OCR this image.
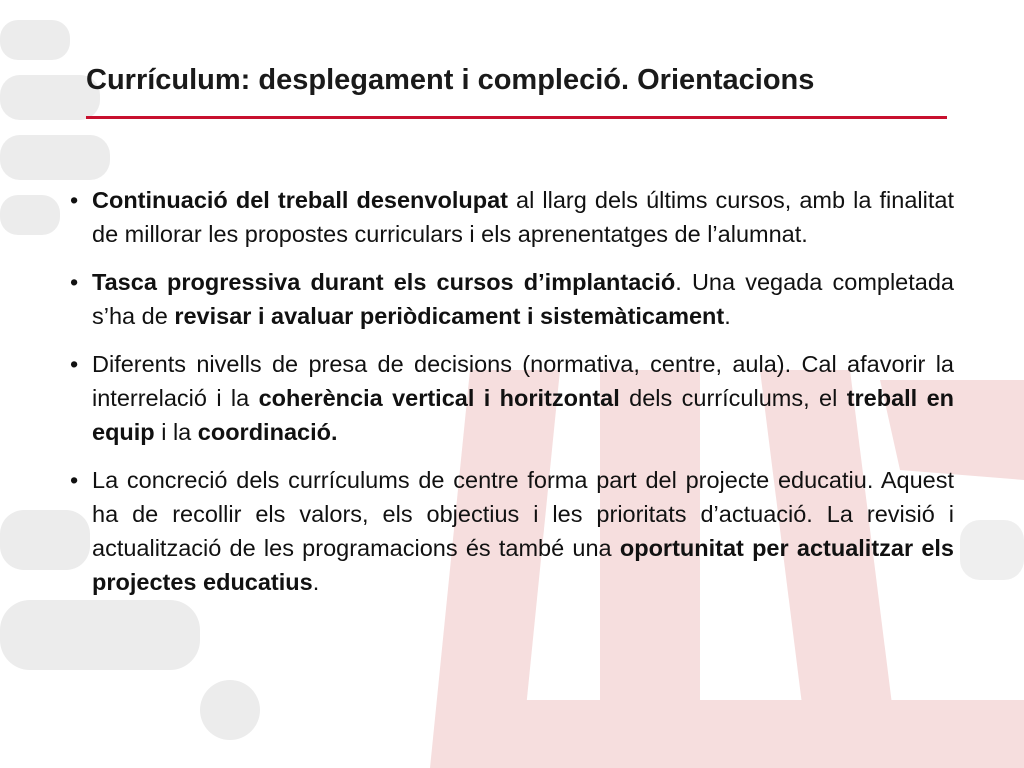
Currículum: desplegament i compleció. Orientacions
• Continuació del treball desenvolupat al llarg dels últims cursos, amb la finalitat de millorar les propostes curriculars i els aprenentatges de l’alumnat.
• Tasca progressiva durant els cursos d’implantació. Una vegada completada s’ha de revisar i avaluar periòdicament i sistemàticament.
• Diferents nivells de presa de decisions (normativa, centre, aula). Cal afavorir la interrelació i la coherència vertical i horitzontal dels currículums, el treball en equip i la coordinació.
• La concreció dels currículums de centre forma part del projecte educatiu. Aquest ha de recollir els valors, els objectius i les prioritats d’actuació. La revisió i actualització de les programacions és també una oportunitat per actualitzar els projectes educatius.
